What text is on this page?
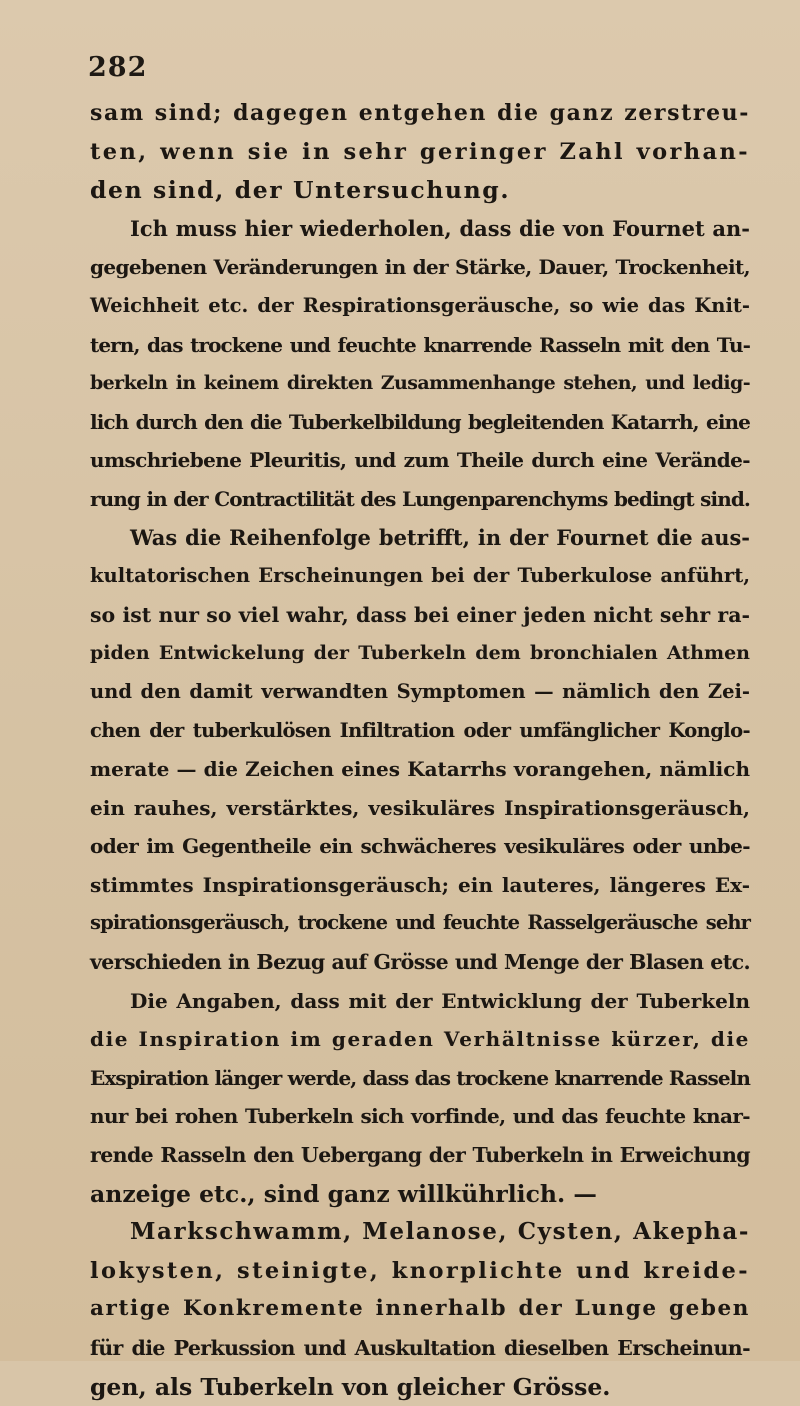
282
sam sind; dagegen entgehen die ganz zerstreu-
ten, wenn sie in sehr geringer Zahl vorhan-
den sind, der Untersuchung.
Ich muss hier wiederholen, dass die von Fournet an-
gegebenen Veränderungen in der Stärke, Dauer, Trockenheit,
Weichheit etc. der Respirationsgeräusche, so wie das Knit-
tern, das trockene und feuchte knarrende Rasseln mit den Tu-
berkeln in keinem direkten Zusammenhange stehen, und ledig-
lich durch den die Tuberkelbildung begleitenden Katarrh, eine
umschriebene Pleuritis, und zum Theile durch eine Verände-
rung in der Contractilität des Lungenparenchyms bedingt sind.
Was die Reihenfolge betrifft, in der Fournet die aus-
kultatorischen Erscheinungen bei der Tuberkulose anführt,
so ist nur so viel wahr, dass bei einer jeden nicht sehr ra-
piden Entwickelung der Tuberkeln dem bronchialen Athmen
und den damit verwandten Symptomen — nämlich den Zei-
chen der tuberkulösen Infiltration oder umfänglicher Konglo-
merate — die Zeichen eines Katarrhs vorangehen, nämlich
ein rauhes, verstärktes, vesikuläres Inspirationsgeräusch,
oder im Gegentheile ein schwächeres vesikuläres oder unbe-
stimmtes Inspirationsgeräusch; ein lauteres, längeres Ex-
spirationsgeräusch, trockene und feuchte Rasselgeräusche sehr
verschieden in Bezug auf Grösse und Menge der Blasen etc.
Die Angaben, dass mit der Entwicklung der Tuberkeln
die Inspiration im geraden Verhältnisse kürzer, die
Exspiration länger werde, dass das trockene knarrende Rasseln
nur bei rohen Tuberkeln sich vorfinde, und das feuchte knar-
rende Rasseln den Uebergang der Tuberkeln in Erweichung
anzeige etc., sind ganz willkührlich. —
Markschwamm, Melanose, Cysten, Akepha-
lokysten, steinigte, knorplichte und kreide-
artige Konkremente innerhalb der Lunge geben
für die Perkussion und Auskultation dieselben Erscheinun-
gen, als Tuberkeln von gleicher Grösse.
